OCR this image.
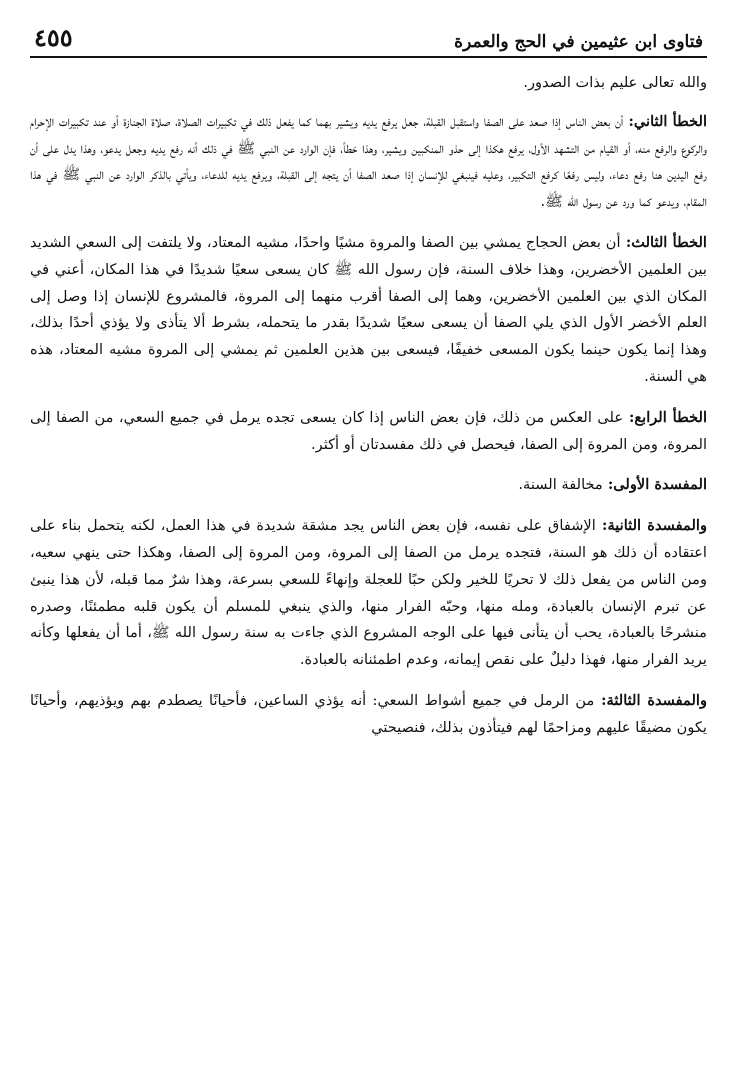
فتاوى ابن عثيمين في الحج والعمرة
٤٥٥

والله تعالى عليم بذات الصدور.

الخطأ الثاني: أن بعض الناس إذا صعد على الصفا واستقبل القبلة، جعل يرفع يديه ويشير بهما كما يفعل ذلك في تكبيرات الصلاة، صلاة الجنازة أو عند تكبيرات الإحرام والركوع والرفع منه، أو القيام من التشهد الأول، يرفع هكذا إلى حذو المنكبين ويشير، وهذا خطأ، فإن الوارد عن النبي ﷺ في ذلك أنه رفع يديه وجعل يدعو، وهذا يدل على أن رفع اليدين هنا رفع دعاء، وليس رفعًا كرفع التكبير، وعليه فينبغي للإنسان إذا صعد الصفا أن يتجه إلى القبلة، ويرفع يديه للدعاء، ويأتي بالذكر الوارد عن النبي ﷺ في هذا المقام، ويدعو كما ورد عن رسول الله ﷺ.

الخطأ الثالث: أن بعض الحجاج يمشي بين الصفا والمروة مشيًا واحدًا، مشيه المعتاد، ولا يلتفت إلى السعي الشديد بين العلمين الأخضرين، وهذا خلاف السنة، فإن رسول الله ﷺ كان يسعى سعيًا شديدًا في هذا المكان، أعني في المكان الذي بين العلمين الأخضرين، وهما إلى الصفا أقرب منهما إلى المروة، فالمشروع للإنسان إذا وصل إلى العلم الأخضر الأول الذي يلي الصفا أن يسعى سعيًا شديدًا بقدر ما يتحمله، بشرط ألا يتأذى ولا يؤذي أحدًا بذلك، وهذا إنما يكون حينما يكون المسعى خفيفًا، فيسعى بين هذين العلمين ثم يمشي إلى المروة مشيه المعتاد، هذه هي السنة.

الخطأ الرابع: على العكس من ذلك، فإن بعض الناس إذا كان يسعى تجده يرمل في جميع السعي، من الصفا إلى المروة، ومن المروة إلى الصفا، فيحصل في ذلك مفسدتان أو أكثر.

المفسدة الأولى: مخالفة السنة.

والمفسدة الثانية: الإشفاق على نفسه، فإن بعض الناس يجد مشقة شديدة في هذا العمل، لكنه يتحمل بناء على اعتقاده أن ذلك هو السنة، فتجده يرمل من الصفا إلى المروة، ومن المروة إلى الصفا، وهكذا حتى ينهي سعيه، ومن الناس من يفعل ذلك لا تحريًا للخير ولكن حبًا للعجلة وإنهاءً للسعي بسرعة، وهذا شرٌ مما قبله، لأن هذا ينبئ عن تبرم الإنسان بالعبادة، ومله منها، وحبّه الفرار منها، والذي ينبغي للمسلم أن يكون قلبه مطمئنًا، وصدره منشرحًا بالعبادة، يحب أن يتأنى فيها على الوجه المشروع الذي جاءت به سنة رسول الله ﷺ، أما أن يفعلها وكأنه يريد الفرار منها، فهذا دليلٌ على نقص إيمانه، وعدم اطمئنانه بالعبادة.

والمفسدة الثالثة: من الرمل في جميع أشواط السعي: أنه يؤذي الساعين، فأحيانًا يصطدم بهم ويؤذيهم، وأحيانًا يكون مضيقًا عليهم ومزاحمًا لهم فيتأذون بذلك، فنصيحتي
